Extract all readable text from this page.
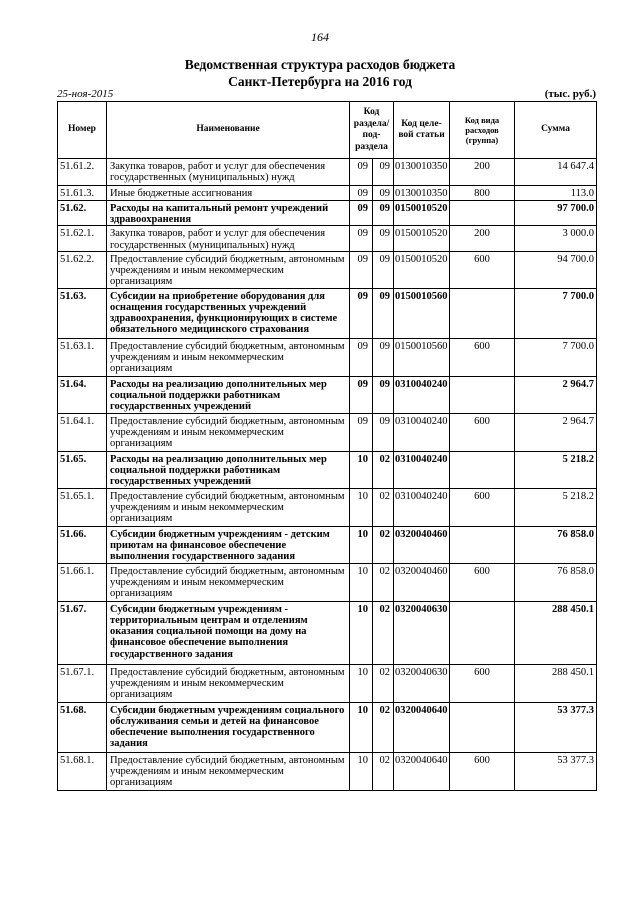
164
Ведомственная структура расходов бюджета
Санкт-Петербурга на 2016 год
25-ноя-2015	(тыс. руб.)
Номер	Наименование	Код раздела/ под- раздела		Код целе- вой статьи	Код вида расходов (группа)	Сумма
51.61.2.	Закупка товаров, работ и услуг для обеспечения государственных (муниципальных) нужд	09	09	0130010350	200	14 647.4
51.61.3.	Иные бюджетные ассигнования	09	09	0130010350	800	113.0
51.62.	Расходы на капитальный ремонт учреждений здравоохранения	09	09	0150010520		97 700.0
51.62.1.	Закупка товаров, работ и услуг для обеспечения государственных (муниципальных) нужд	09	09	0150010520	200	3 000.0
51.62.2.	Предоставление субсидий бюджетным, автономным учреждениям и иным некоммерческим организациям	09	09	0150010520	600	94 700.0
51.63.	Субсидии на приобретение оборудования для оснащения государственных учреждений здравоохранения, функционирующих в системе обязательного медицинского страхования	09	09	0150010560		7 700.0
51.63.1.	Предоставление субсидий бюджетным, автономным учреждениям и иным некоммерческим организациям	09	09	0150010560	600	7 700.0
51.64.	Расходы на реализацию дополнительных мер социальной поддержки работникам государственных учреждений	09	09	0310040240		2 964.7
51.64.1.	Предоставление субсидий бюджетным, автономным учреждениям и иным некоммерческим организациям	09	09	0310040240	600	2 964.7
51.65.	Расходы на реализацию дополнительных мер социальной поддержки работникам государственных учреждений	10	02	0310040240		5 218.2
51.65.1.	Предоставление субсидий бюджетным, автономным учреждениям и иным некоммерческим организациям	10	02	0310040240	600	5 218.2
51.66.	Субсидии бюджетным учреждениям - детским приютам на финансовое обеспечение выполнения государственного задания	10	02	0320040460		76 858.0
51.66.1.	Предоставление субсидий бюджетным, автономным учреждениям и иным некоммерческим организациям	10	02	0320040460	600	76 858.0
51.67.	Субсидии бюджетным учреждениям - территориальным центрам и отделениям оказания социальной помощи на дому на финансовое обеспечение выполнения государственного задания	10	02	0320040630		288 450.1
51.67.1.	Предоставление субсидий бюджетным, автономным учреждениям и иным некоммерческим организациям	10	02	0320040630	600	288 450.1
51.68.	Субсидии бюджетным учреждениям социального обслуживания семьи и детей на финансовое обеспечение выполнения государственного задания	10	02	0320040640		53 377.3
51.68.1.	Предоставление субсидий бюджетным, автономным учреждениям и иным некоммерческим организациям	10	02	0320040640	600	53 377.3
